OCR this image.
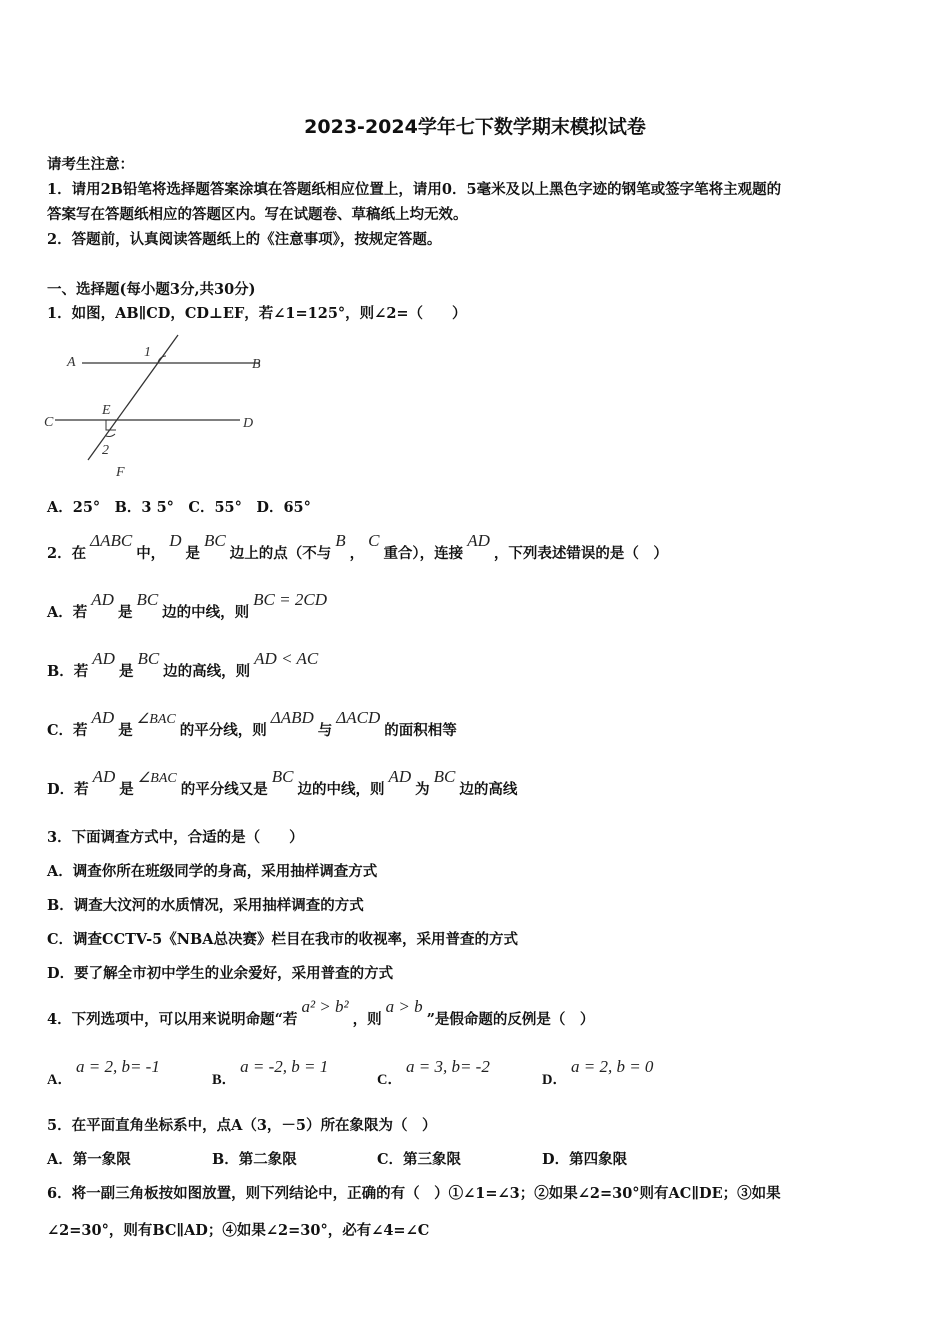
2023-2024学年七下数学期末模拟试卷
请考生注意：
1．请用2B铅笔将选择题答案涂填在答题纸相应位置上，请用0．5毫米及以上黑色字迹的钢笔或签字笔将主观题的
答案写在答题纸相应的答题区内。写在试题卷、草稿纸上均无效。
2．答题前，认真阅读答题纸上的《注意事项》，按规定答题。
一、选择题(每小题3分,共30分)
1．如图，AB∥CD，CD⊥EF，若∠1=125°，则∠2=（　　）
A	B
C	D
E
F
1
2
A．25°　B．3 5°　C．55°　D．65°
2．在ΔABC中，D是BC边上的点（不与B，C重合），连接AD，下列表述错误的是（　）
A．若AD是BC边的中线，则BC = 2CD
B．若AD是BC边的高线，则AD < AC
C．若AD是∠BAC的平分线，则ΔABD与ΔACD的面积相等
D．若AD是∠BAC的平分线又是BC边的中线，则AD为BC边的高线
3．下面调查方式中，合适的是（　　）
A．调查你所在班级同学的身高，采用抽样调查方式
B．调查大汶河的水质情况，采用抽样调查的方式
C．调查CCTV-5《NBA总决赛》栏目在我市的收视率，采用普查的方式
D．要了解全市初中学生的业余爱好，采用普查的方式
4．下列选项中，可以用来说明命题“若a² > b²，则a > b”是假命题的反例是（　）
A．a = 2, b= -1
B．a = -2, b = 1
C．a = 3, b= -2
D．a = 2, b = 0
5．在平面直角坐标系中，点A（3，－5）所在象限为（　）
A．第一象限	B．第二象限	C．第三象限	D．第四象限
6．将一副三角板按如图放置，则下列结论中，正确的有（　）①∠1=∠3；②如果∠2=30°则有AC∥DE；③如果
∠2=30°，则有BC∥AD；④如果∠2=30°，必有∠4=∠C
